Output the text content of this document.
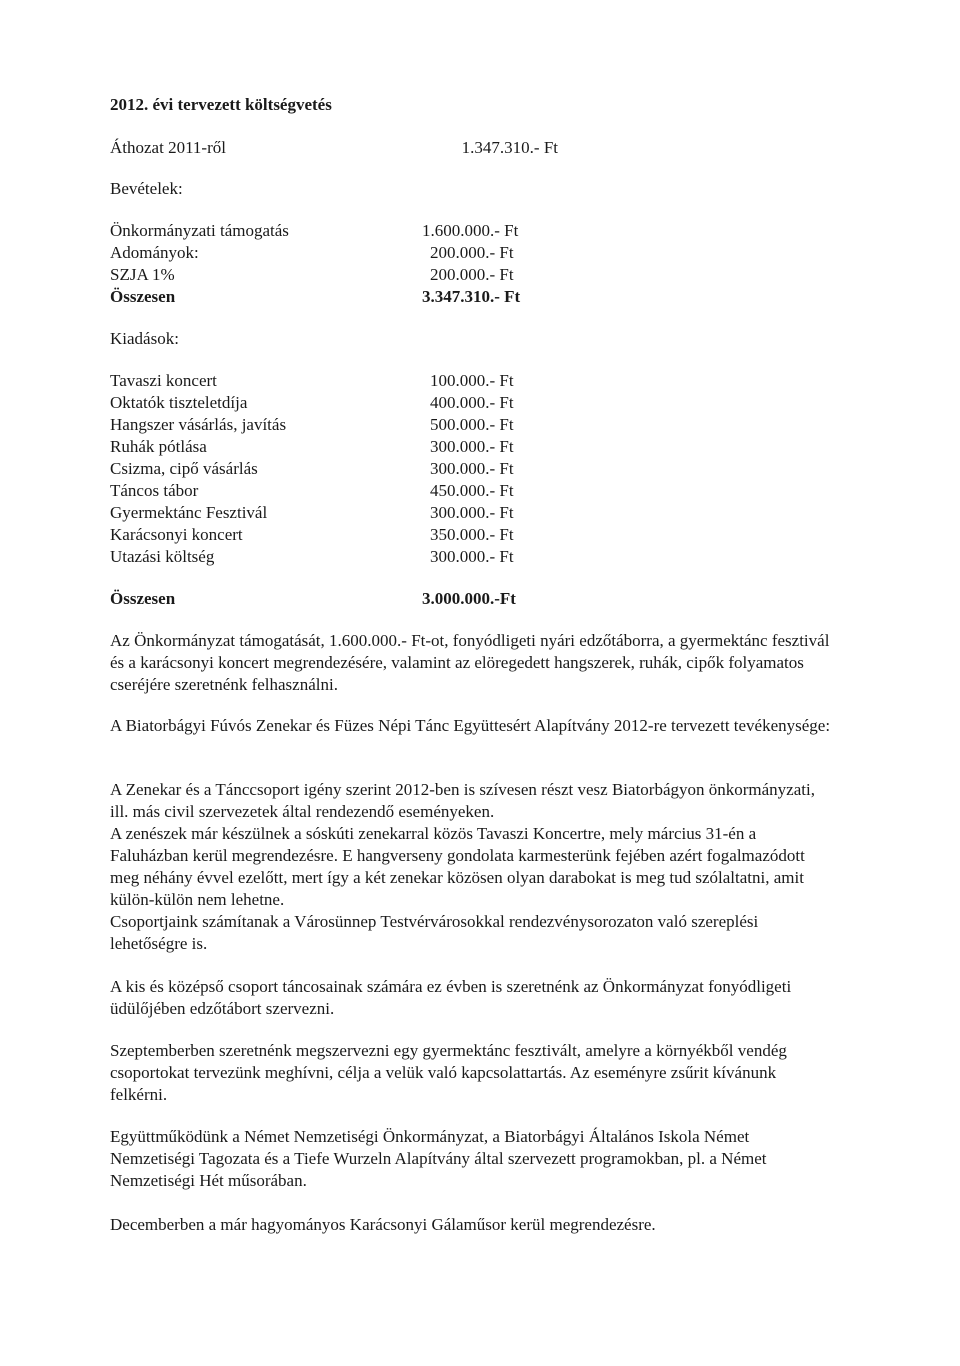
2012. évi tervezett költségvetés
Áthozat 2011-ről	1.347.310.- Ft
Bevételek:
Önkormányzati támogatás	1.600.000.- Ft
Adományok:	200.000.- Ft
SZJA 1%	200.000.- Ft
Összesen	3.347.310.- Ft
Kiadások:
Tavaszi koncert	100.000.- Ft
Oktatók tiszteletdíja	400.000.- Ft
Hangszer vásárlás, javítás	500.000.- Ft
Ruhák pótlása	300.000.- Ft
Csizma, cipő vásárlás	300.000.- Ft
Táncos tábor	450.000.- Ft
Gyermektánc Fesztivál	300.000.- Ft
Karácsonyi koncert	350.000.- Ft
Utazási költség	300.000.- Ft
Összesen	3.000.000.-Ft

Az Önkormányzat támogatását, 1.600.000.- Ft-ot, fonyódligeti nyári edzőtáborra, a gyermektánc fesztivál és a karácsonyi koncert megrendezésére, valamint az elöregedett hangszerek, ruhák, cipők folyamatos cseréjére szeretnénk felhasználni.

A Biatorbágyi Fúvós Zenekar és Füzes Népi Tánc Együttesért Alapítvány 2012-re tervezett tevékenysége:

A Zenekar és a Tánccsoport igény szerint 2012-ben is szívesen részt vesz Biatorbágyon önkormányzati, ill. más civil szervezetek által rendezendő eseményeken.

A zenészek már készülnek a sóskúti zenekarral közös Tavaszi Koncertre, mely március 31-én a Faluházban kerül megrendezésre. E hangverseny gondolata karmesterünk fejében azért fogalmazódott meg néhány évvel ezelőtt, mert így a két zenekar közösen olyan darabokat is meg tud szólaltatni, amit külön-külön nem lehetne.

Csoportjaink számítanak a Városünnep Testvérvárosokkal rendezvénysorozaton való szereplési lehetőségre is.

A kis és középső csoport táncosainak számára ez évben is szeretnénk az Önkormányzat fonyódligeti üdülőjében edzőtábort szervezni.

Szeptemberben szeretnénk megszervezni egy gyermektánc fesztivált, amelyre a környékből vendég csoportokat tervezünk meghívni, célja a velük való kapcsolattartás. Az eseményre zsűrit kívánunk felkérni.

Együttműködünk a Német Nemzetiségi Önkormányzat, a Biatorbágyi Általános Iskola Német Nemzetiségi Tagozata és a Tiefe Wurzeln Alapítvány által szervezett programokban, pl. a Német Nemzetiségi Hét műsorában.

Decemberben a már hagyományos Karácsonyi Gálaműsor kerül megrendezésre.
